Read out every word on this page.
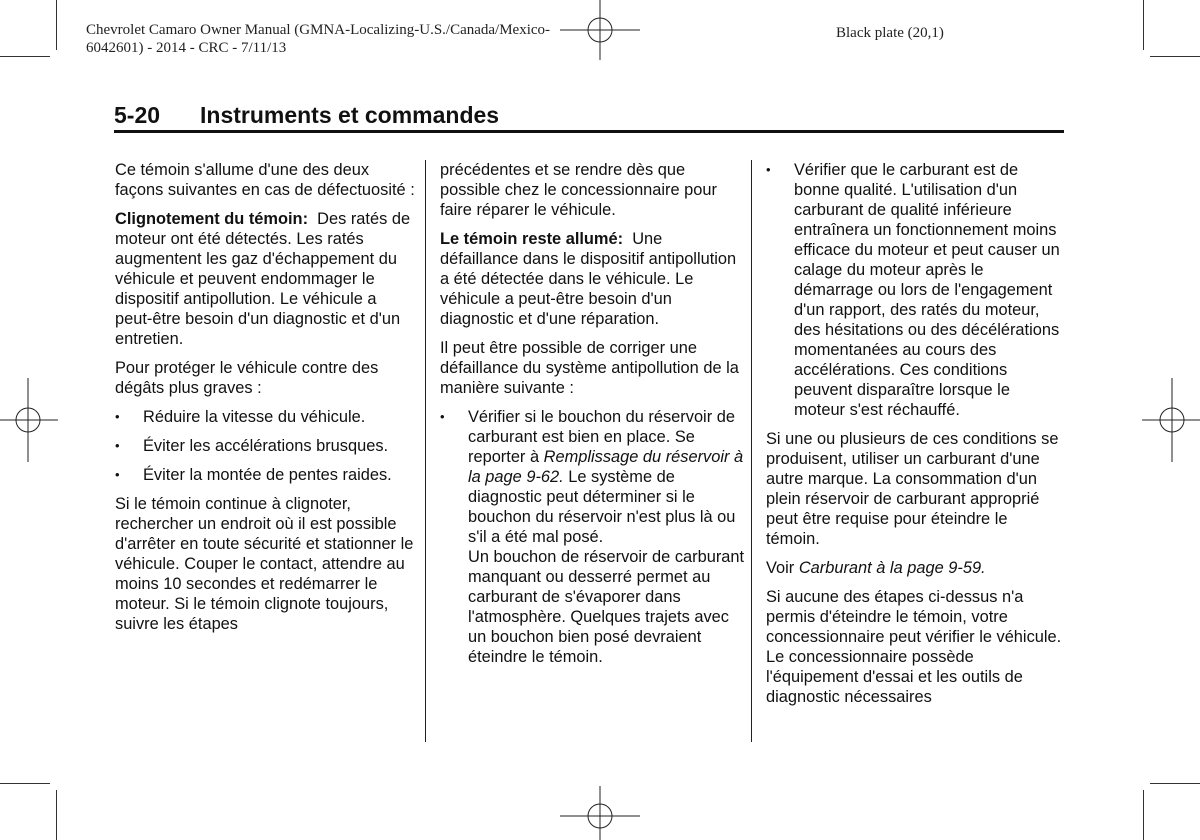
Chevrolet Camaro Owner Manual (GMNA-Localizing-U.S./Canada/Mexico-
6042601) - 2014 - CRC - 7/11/13
Black plate (20,1)
5-20 Instruments et commandes

Ce témoin s'allume d'une des deux façons suivantes en cas de défectuosité :

Clignotement du témoin: Des ratés de moteur ont été détectés. Les ratés augmentent les gaz d'échappement du véhicule et peuvent endommager le dispositif antipollution. Le véhicule a peut-être besoin d'un diagnostic et d'un entretien.

Pour protéger le véhicule contre des dégâts plus graves :

• Réduire la vitesse du véhicule.
• Éviter les accélérations brusques.
• Éviter la montée de pentes raides.

Si le témoin continue à clignoter, rechercher un endroit où il est possible d'arrêter en toute sécurité et stationner le véhicule. Couper le contact, attendre au moins 10 secondes et redémarrer le moteur. Si le témoin clignote toujours, suivre les étapes

précédentes et se rendre dès que possible chez le concessionnaire pour faire réparer le véhicule.

Le témoin reste allumé: Une défaillance dans le dispositif antipollution a été détectée dans le véhicule. Le véhicule a peut-être besoin d'un diagnostic et d'une réparation.

Il peut être possible de corriger une défaillance du système antipollution de la manière suivante :

• Vérifier si le bouchon du réservoir de carburant est bien en place. Se reporter à Remplissage du réservoir à la page 9-62. Le système de diagnostic peut déterminer si le bouchon du réservoir n'est plus là ou s'il a été mal posé.
Un bouchon de réservoir de carburant manquant ou desserré permet au carburant de s'évaporer dans l'atmosphère. Quelques trajets avec un bouchon bien posé devraient éteindre le témoin.
• Vérifier que le carburant est de bonne qualité. L'utilisation d'un carburant de qualité inférieure entraînera un fonctionnement moins efficace du moteur et peut causer un calage du moteur après le démarrage ou lors de l'engagement d'un rapport, des ratés du moteur, des hésitations ou des décélérations momentanées au cours des accélérations. Ces conditions peuvent disparaître lorsque le moteur s'est réchauffé.

Si une ou plusieurs de ces conditions se produisent, utiliser un carburant d'une autre marque. La consommation d'un plein réservoir de carburant approprié peut être requise pour éteindre le témoin.

Voir Carburant à la page 9-59.

Si aucune des étapes ci-dessus n'a permis d'éteindre le témoin, votre concessionnaire peut vérifier le véhicule. Le concessionnaire possède l'équipement d'essai et les outils de diagnostic nécessaires
